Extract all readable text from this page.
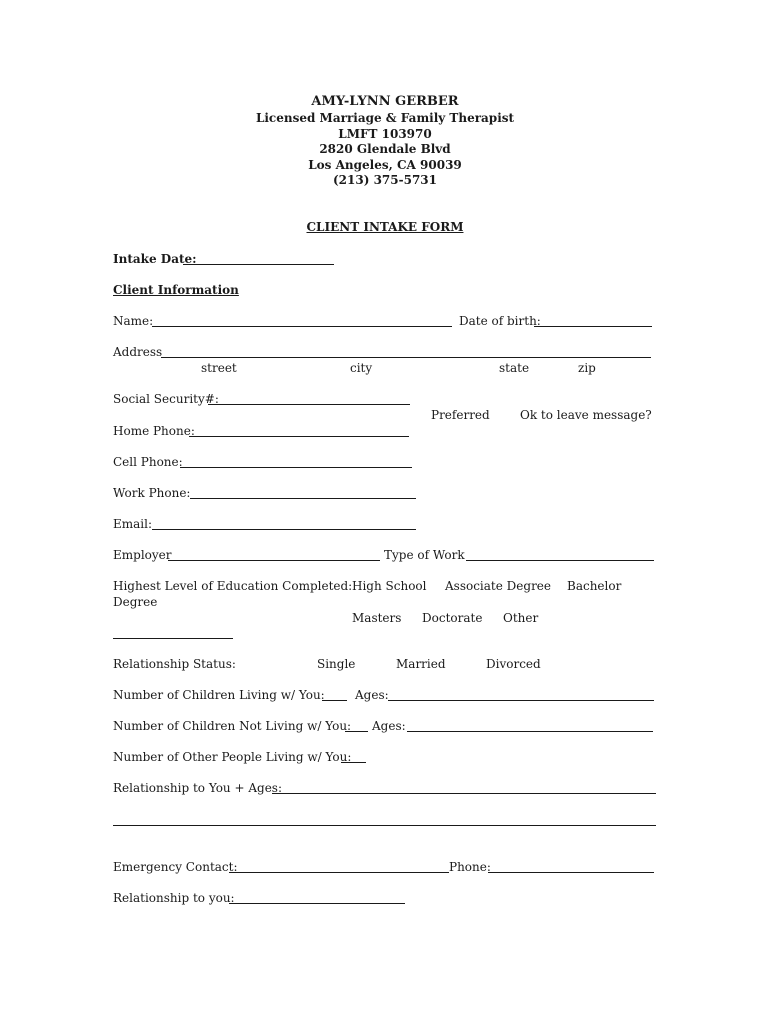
AMY-LYNN GERBER
Licensed Marriage & Family Therapist
LMFT 103970
2820 Glendale Blvd
Los Angeles, CA 90039
(213) 375-5731
CLIENT INTAKE FORM
Intake Date:
Client Information
Name:	Date of birth:
Address
street	city	state	zip
Social Security#:
Preferred	Ok to leave message?
Home Phone:
Cell Phone:
Work Phone:
Email:
Employer	Type of Work
Highest Level of Education Completed: High School Associate Degree Bachelor
Degree
Masters Doctorate Other
Relationship Status:	Single	Married	Divorced
Number of Children Living w/ You:	Ages:
Number of Children Not Living w/ You: Ages:
Number of Other People Living w/ You:
Relationship to You + Ages:
Emergency Contact:	Phone:
Relationship to you:
